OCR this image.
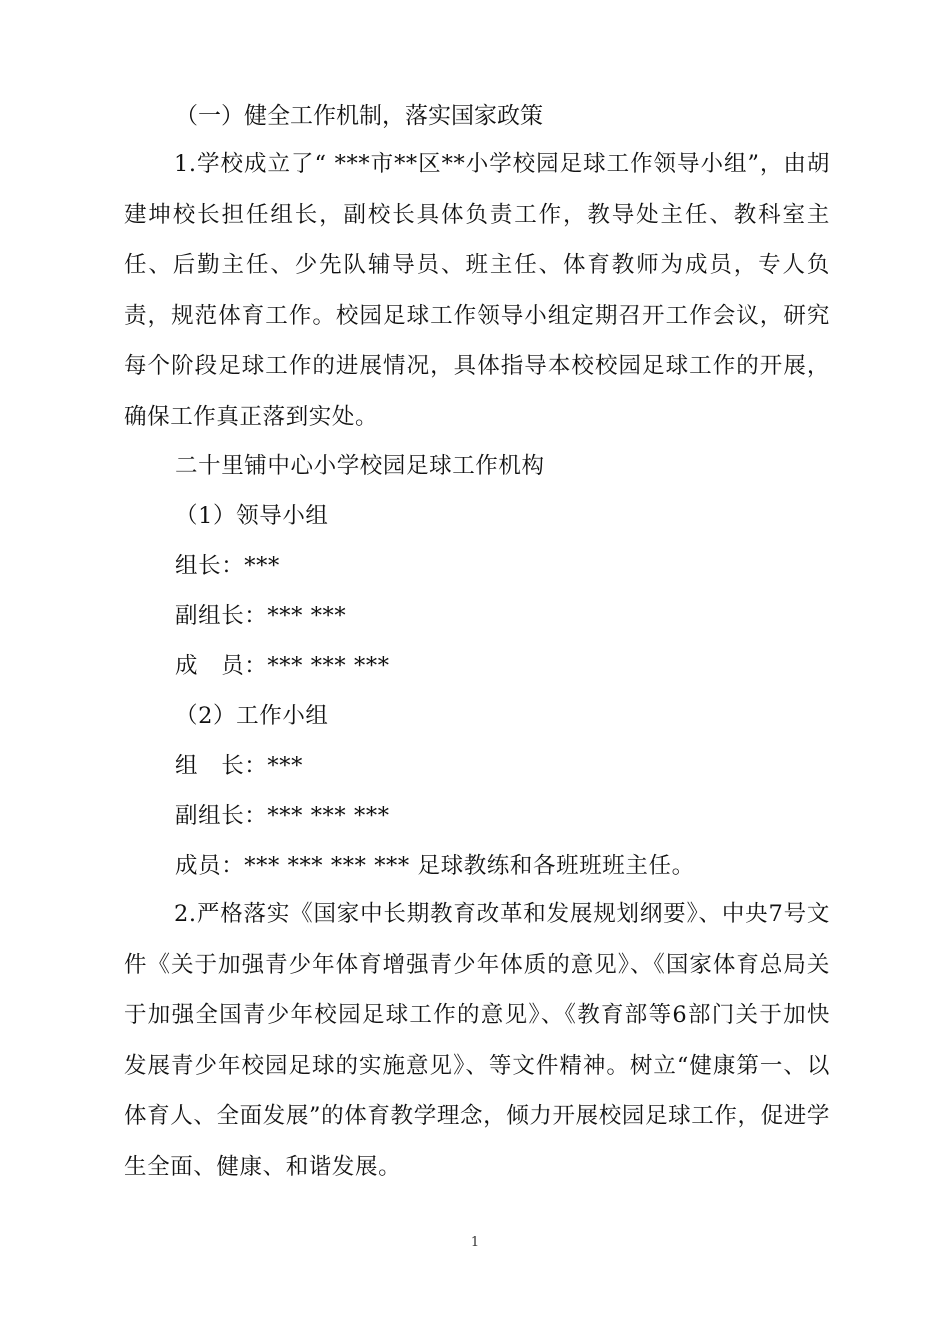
（一）健全工作机制，落实国家政策

1.学校成立了“ ***市**区**小学校园足球工作领导小组”，由胡建坤校长担任组长，副校长具体负责工作，教导处主任、教科室主任、后勤主任、少先队辅导员、班主任、体育教师为成员，专人负责，规范体育工作。校园足球工作领导小组定期召开工作会议，研究每个阶段足球工作的进展情况，具体指导本校校园足球工作的开展，确保工作真正落到实处。

二十里铺中心小学校园足球工作机构
（1）领导小组
组长：***
副组长：*** ***
成　员：*** *** ***
（2）工作小组
组　长：***
副组长：*** *** ***
成员：*** *** *** *** 足球教练和各班班班主任。

2.严格落实《国家中长期教育改革和发展规划纲要》、中央7号文件《关于加强青少年体育增强青少年体质的意见》、《国家体育总局关于加强全国青少年校园足球工作的意见》、《教育部等6部门关于加快发展青少年校园足球的实施意见》、等文件精神。树立“健康第一、以体育人、全面发展”的体育教学理念，倾力开展校园足球工作，促进学生全面、健康、和谐发展。

1
